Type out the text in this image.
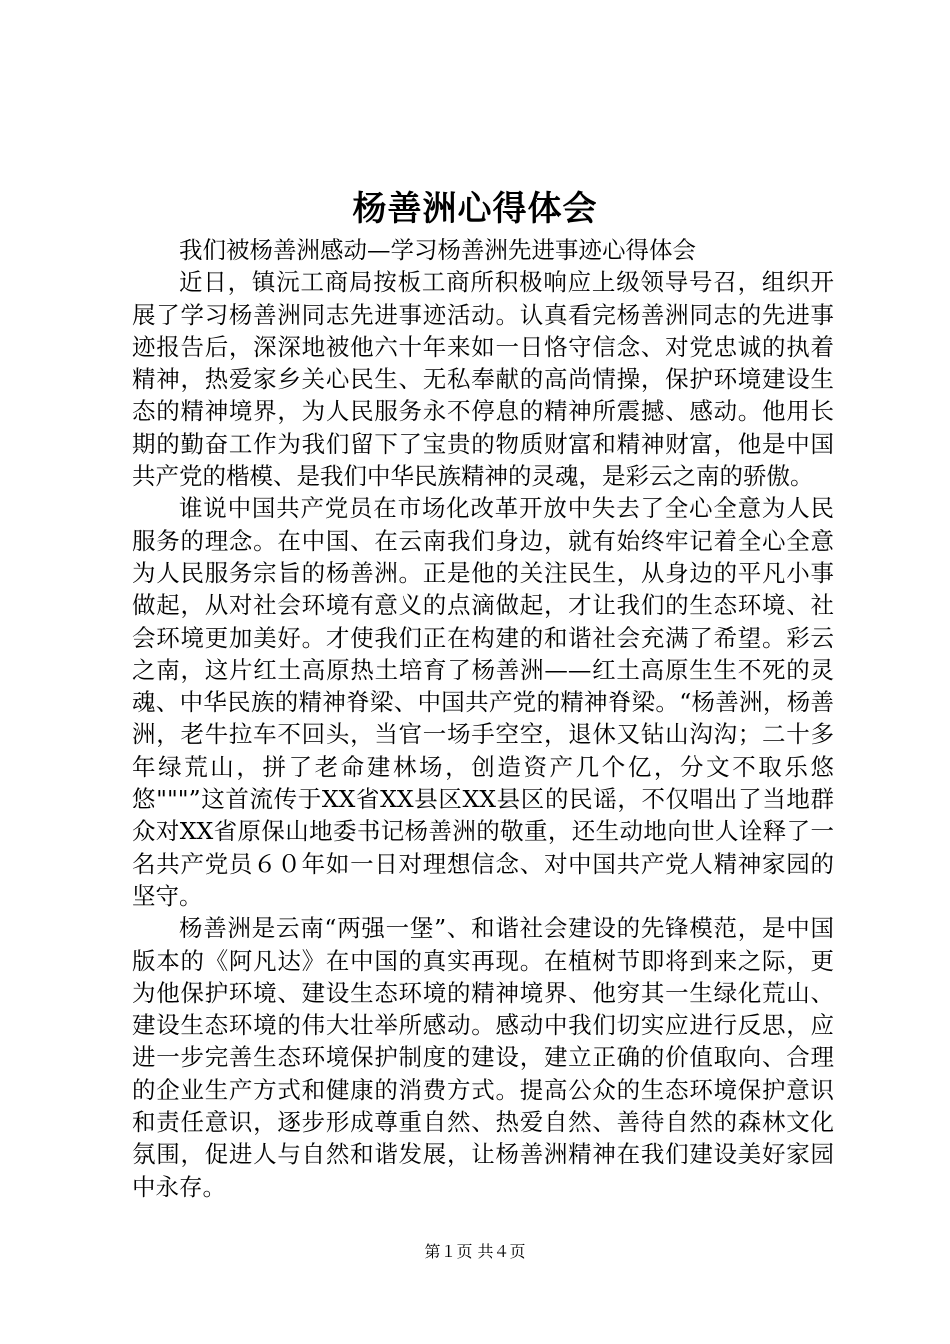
杨善洲心得体会

我们被杨善洲感动—学习杨善洲先进事迹心得体会

近日，镇沅工商局按板工商所积极响应上级领导号召，组织开展了学习杨善洲同志先进事迹活动。认真看完杨善洲同志的先进事迹报告后，深深地被他六十年来如一日恪守信念、对党忠诚的执着精神，热爱家乡关心民生、无私奉献的高尚情操，保护环境建设生态的精神境界，为人民服务永不停息的精神所震撼、感动。他用长期的勤奋工作为我们留下了宝贵的物质财富和精神财富，他是中国共产党的楷模、是我们中华民族精神的灵魂，是彩云之南的骄傲。

谁说中国共产党员在市场化改革开放中失去了全心全意为人民服务的理念。在中国、在云南我们身边，就有始终牢记着全心全意为人民服务宗旨的杨善洲。正是他的关注民生，从身边的平凡小事做起，从对社会环境有意义的点滴做起，才让我们的生态环境、社会环境更加美好。才使我们正在构建的和谐社会充满了希望。彩云之南，这片红土高原热土培育了杨善洲——红土高原生生不死的灵魂、中华民族的精神脊梁、中国共产党的精神脊梁。“杨善洲，杨善洲，老牛拉车不回头，当官一场手空空，退休又钻山沟沟；二十多年绿荒山，拼了老命建林场，创造资产几个亿，分文不取乐悠悠"""”这首流传于XX省XX县区XX县区的民谣，不仅唱出了当地群众对XX省原保山地委书记杨善洲的敬重，还生动地向世人诠释了一名共产党员６０年如一日对理想信念、对中国共产党人精神家园的坚守。

杨善洲是云南“两强一堡”、和谐社会建设的先锋模范，是中国版本的《阿凡达》在中国的真实再现。在植树节即将到来之际，更为他保护环境、建设生态环境的精神境界、他穷其一生绿化荒山、建设生态环境的伟大壮举所感动。感动中我们切实应进行反思，应进一步完善生态环境保护制度的建设，建立正确的价值取向、合理的企业生产方式和健康的消费方式。提高公众的生态环境保护意识和责任意识，逐步形成尊重自然、热爱自然、善待自然的森林文化氛围，促进人与自然和谐发展，让杨善洲精神在我们建设美好家园中永存。

第１页 共４页
